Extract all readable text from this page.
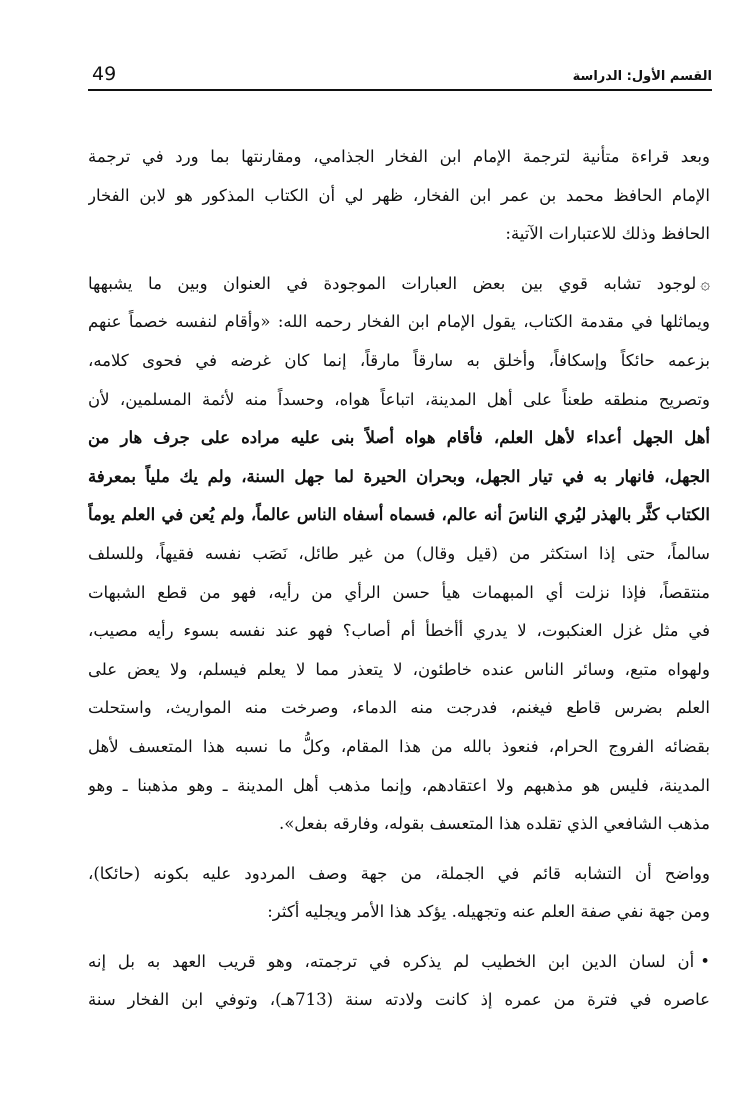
49	القسم الأول: الدراسة
وبعد قراءة متأنية لترجمة الإمام ابن الفخار الجذامي، ومقارنتها بما ورد في ترجمة
الإمام الحافظ محمد بن عمر ابن الفخار، ظهر لي أن الكتاب المذكور هو لابن الفخار
الحافظ وذلك للاعتبارات الآتية:
۞لوجود تشابه قوي بين بعض العبارات الموجودة في العنوان وبين ما يشبهها
ويماثلها في مقدمة الكتاب، يقول الإمام ابن الفخار رحمه الله: «وأقام لنفسه خصماً عنهم
بزعمه حائكاً وإسكافاً، وأخلق به سارقاً مارقاً، إنما كان غرضه في فحوى كلامه،
وتصريح منطقه طعناً على أهل المدينة، اتباعاً هواه، وحسداً منه لأئمة المسلمين، لأن
أهل الجهل أعداء لأهل العلم، فأقام هواه أصلاً بنى عليه مراده على جرف هار من
الجهل، فانهار به في تيار الجهل، وبحران الحيرة لما جهل السنة، ولم يك ملياً بمعرفة
الكتاب كثَّر بالهذر ليُري الناسَ أنه عالم، فسماه أسفاه الناس عالماً، ولم يُعن في العلم يوماً
سالماً، حتى إذا استكثر من (قيل وقال) من غير طائل، نَصَب نفسه فقيهاً، وللسلف
منتقصاً، فإذا نزلت أي المبهمات هيأ حسن الرأي من رأيه، فهو من قطع الشبهات
في مثل غزل العنكبوت، لا يدري أأخطأ أم أصاب؟ فهو عند نفسه بسوء رأيه مصيب،
ولهواه متبع، وسائر الناس عنده خاطئون، لا يتعذر مما لا يعلم فيسلم، ولا يعض على
العلم بضرس قاطع فيغنم، فدرجت منه الدماء، وصرخت منه المواريث، واستحلت
بقضائه الفروج الحرام، فنعوذ بالله من هذا المقام، وكلُّ ما نسبه هذا المتعسف لأهل
المدينة، فليس هو مذهبهم ولا اعتقادهم، وإنما مذهب أهل المدينة ـ وهو مذهبنا ـ وهو
مذهب الشافعي الذي تقلده هذا المتعسف بقوله، وفارقه بفعل».
وواضح أن التشابه قائم في الجملة، من جهة وصف المردود عليه بكونه (حائكا)،
ومن جهة نفي صفة العلم عنه وتجهيله. يؤكد هذا الأمر ويجليه أكثر:
•أن لسان الدين ابن الخطيب لم يذكره في ترجمته، وهو قريب العهد به بل إنه
عاصره في فترة من عمره إذ كانت ولادته سنة (713هـ)، وتوفي ابن الفخار سنة
